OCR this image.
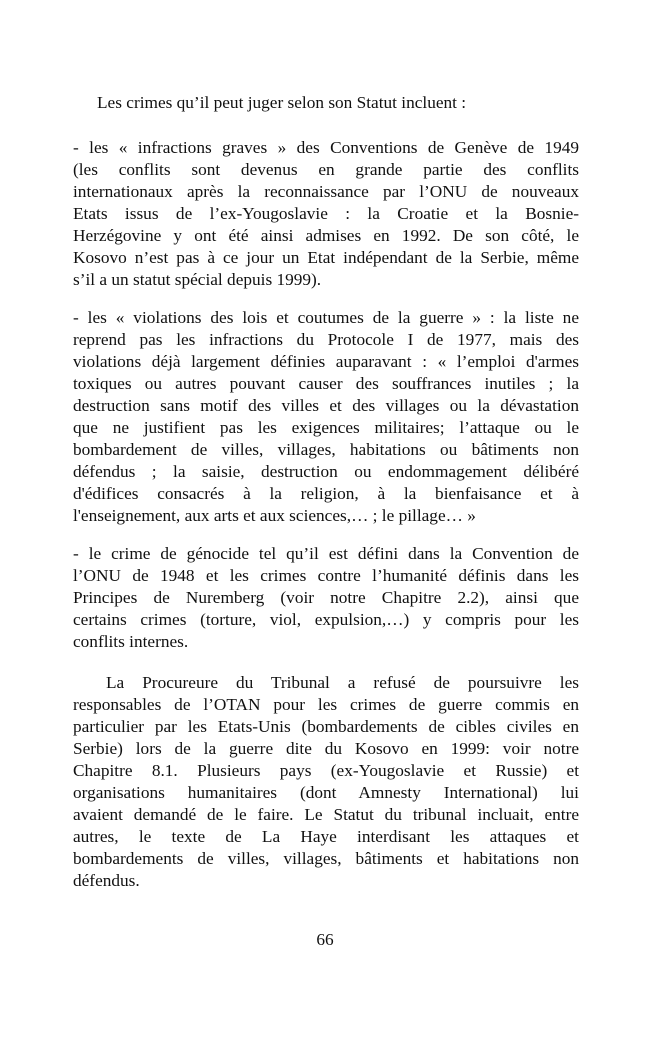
Les crimes qu’il peut juger selon son Statut incluent :
- les « infractions graves » des Conventions de Genève de 1949
(les conflits sont devenus en grande partie des conflits
internationaux après la reconnaissance par l’ONU de nouveaux
Etats issus de l’ex-Yougoslavie : la Croatie et la Bosnie-
Herzégovine y ont été ainsi admises en 1992. De son côté, le
Kosovo n’est pas à ce jour un Etat indépendant de la Serbie, même
s’il a un statut spécial depuis 1999).
- les « violations des lois et coutumes de la guerre » : la liste ne
reprend pas les infractions du Protocole I de 1977, mais des
violations déjà largement définies auparavant : « l’emploi d'armes
toxiques ou autres pouvant causer des souffrances inutiles ; la
destruction sans motif des villes et des villages ou la dévastation
que ne justifient pas les exigences militaires; l’attaque ou le
bombardement de villes, villages, habitations ou bâtiments non
défendus ; la saisie, destruction ou endommagement délibéré
d'édifices consacrés à la religion, à la bienfaisance et à
l'enseignement, aux arts et aux sciences,… ; le pillage… »
- le crime de génocide tel qu’il est défini dans la Convention de
l’ONU de 1948 et les crimes contre l’humanité définis dans les
Principes de Nuremberg (voir notre Chapitre 2.2), ainsi que
certains crimes (torture, viol, expulsion,…) y compris pour les
conflits internes.
La Procureure du Tribunal a refusé de poursuivre les
responsables de l’OTAN pour les crimes de guerre commis en
particulier par les Etats-Unis (bombardements de cibles civiles en
Serbie) lors de la guerre dite du Kosovo en 1999: voir notre
Chapitre 8.1. Plusieurs pays (ex-Yougoslavie et Russie) et
organisations humanitaires (dont Amnesty International) lui
avaient demandé de le faire. Le Statut du tribunal incluait, entre
autres, le texte de La Haye interdisant les attaques et
bombardements de villes, villages, bâtiments et habitations non
défendus.
66
